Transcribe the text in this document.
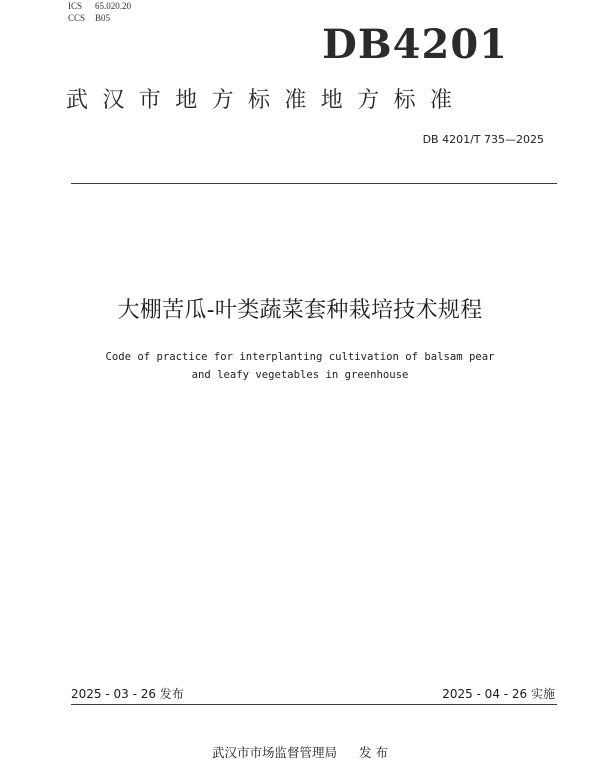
ICS 65.020.20
CCS B05
DB4201
武汉市地方标准地方标准
DB 4201/T 735—2025
大棚苦瓜-叶类蔬菜套种栽培技术规程
Code of practice for interplanting cultivation of balsam pear
and leafy vegetables in greenhouse
2025 - 03 - 26 发布	2025 - 04 - 26 实施
武汉市市场监督管理局 发 布
